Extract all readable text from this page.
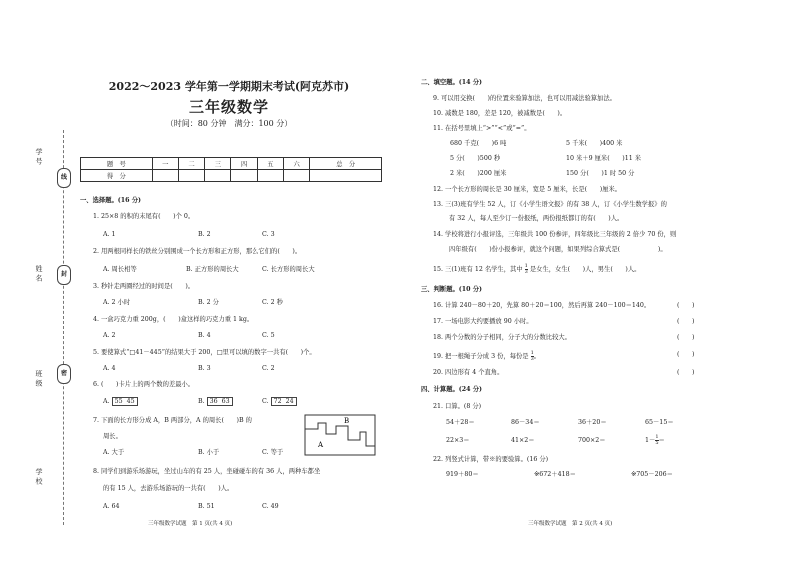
2022～2023 学年第一学期期末考试(阿克苏市)
三年级数学
（时间：80 分钟　满分：100 分）
学 号
姓 名
班 级
学 校
线
封
密
题　号	一	二	三	四	五	六	总　分
得　分							
一、选择题。(16 分)
1. 25×8 的积的末尾有(　　)个 0。
A. 1	B. 2	C. 3
2. 用两根同样长的铁丝分别围成一个长方形和正方形，那么它们的(　　)。
A. 周长相等	B. 正方形的周长大	C. 长方形的周长大
3. 秒针走两圈经过的时间是(　　)。
A. 2 小时	B. 2 分	C. 2 秒
4. 一盒巧克力重 200g，(　　)盒这样的巧克力重 1 kg。
A. 2	B. 4	C. 5
5. 要使算式“□41－445”的结果大于 200，□里可以填的数字一共有(　　)个。
A. 4	B. 3	C. 2
6. (　　)卡片上的两个数的差最小。
A. 55 45	B. 36 63	C. 72 24
7. 下面的长方形分成 A，B 两部分，A 的周长(　　)B 的
周长。
A
B
A. 大于	B. 小于	C. 等于
8. 同学们到游乐场游玩，坐过山车的有 25 人，坐碰碰车的有 36 人，两种车都坐
的有 15 人，去游乐场游玩的一共有(　　)人。
A. 64	B. 51	C. 49
三年级数学试题　第 1 页(共 4 页)
二、填空题。(14 分)
9. 可以用交换(　　)的位置来验算加法，也可以用减法验算加法。
10. 减数是 180，差是 120，被减数是(　　)。
11. 在括号里填上“>”“<”或“=”。
680 千克(　　)6 吨	5 千米(　　)400 米
5 分(　　)500 秒	10 米＋9 厘米(　　)11 米
2 米(　　)200 厘米	150 分(　　)1 时 50 分
12. 一个长方形的周长是 30 厘米，宽是 5 厘米，长是(　　)厘米。
13. 三(3)班有学生 52 人，订《小学生语文报》的有 38 人，订《小学生数学报》的
有 32 人，每人至少订一份报纸，两份报纸都订的有(　　)人。
14. 学校将进行小报评选，三年级共 100 份参评，四年级比三年级的 2 倍少 70 份，则
四年级有(　　)份小报参评，就这个问题，如果列综合算式是(　　　　　　)。
15. 三(1)班有 12 名学生，其中 $\frac{1}{3}$ 是女生，女生(　　)人，男生(　　)人。
三、判断题。(10 分)
16. 计算 240－80＋20，先算 80＋20＝100，然后再算 240－100＝140。	(　　)
17. 一场电影大约要播放 90 小时。	(　　)
18. 两个分数的分子相同，分子大的分数比较大。	(　　)
19. 把一根绳子分成 3 份，每份是 $\frac{1}{3}$ 。	(　　)
20. 四边形有 4 个直角。	(　　)
四、计算题。(24 分)
21. 口算。(8 分)
54＋28＝	86－34＝	36＋20＝	65－15＝
22×3＝	41×2＝	700×2＝	$1- \frac{1}{5}$ ＝
22. 列竖式计算，带※的要验算。(16 分)
919＋80＝	※672＋418＝	※705－206＝
三年级数学试题　第 2 页(共 4 页)
